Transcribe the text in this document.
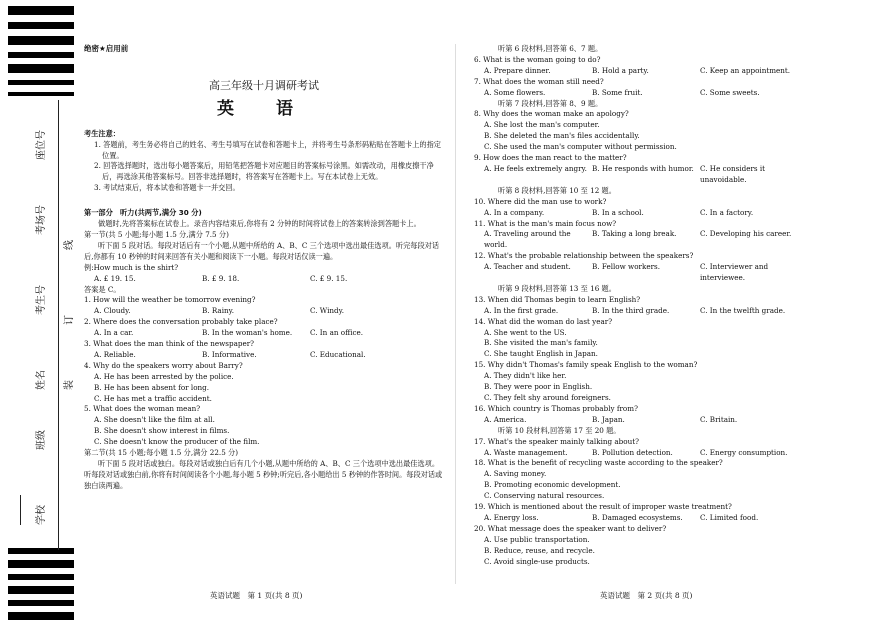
学校
班级
姓名
考生号
考场号
座位号
装
订
线
绝密★启用前
高三年级十月调研考试
英 语
考生注意：

1. 答题前，考生务必将自己的姓名、考生号填写在试卷和答题卡上，并将考生号条形码粘贴在答题卡上的指定位置。

2. 回答选择题时，选出每小题答案后，用铅笔把答题卡对应题目的答案标号涂黑。如需改动，用橡皮擦干净后，再选涂其他答案标号。回答非选择题时，将答案写在答题卡上。写在本试卷上无效。

3. 考试结束后，将本试卷和答题卡一并交回。

第一部分　听力(共两节,满分 30 分)

做题时,先将答案标在试卷上。录音内容结束后,你将有 2 分钟的时间将试卷上的答案转涂到答题卡上。

第一节(共 5 小题;每小题 1.5 分,满分 7.5 分)

听下面 5 段对话。每段对话后有一个小题,从题中所给的 A、B、C 三个选项中选出最佳选项。听完每段对话后,你都有 10 秒钟的时间来回答有关小题和阅读下一小题。每段对话仅读一遍。

例:How much is the shirt?

A. £ 19. 15.	B. £ 9. 18.	C. £ 9. 15.

答案是 C。

1. How will the weather be tomorrow evening?

A. Cloudy.	B. Rainy.	C. Windy.

2. Where does the conversation probably take place?

A. In a car.	B. In the woman's home.	C. In an office.

3. What does the man think of the newspaper?

A. Reliable.	B. Informative.	C. Educational.

4. Why do the speakers worry about Barry?

A. He has been arrested by the police.

B. He has been absent for long.

C. He has met a traffic accident.

5. What does the woman mean?

A. She doesn't like the film at all.

B. She doesn't show interest in films.

C. She doesn't know the producer of the film.

第二节(共 15 小题;每小题 1.5 分,满分 22.5 分)

听下面 5 段对话或独白。每段对话或独白后有几个小题,从题中所给的 A、B、C 三个选项中选出最佳选项。听每段对话或独白前,你将有时间阅读各个小题,每小题 5 秒钟;听完后,各小题给出 5 秒钟的作答时间。每段对话或独白读两遍。

英语试题　第 1 页(共 8 页)

听第 6 段材料,回答第 6、7 题。

6. What is the woman going to do?

A. Prepare dinner.	B. Hold a party.	C. Keep an appointment.

7. What does the woman still need?

A. Some flowers.	B. Some fruit.	C. Some sweets.

听第 7 段材料,回答第 8、9 题。

8. Why does the woman make an apology?

A. She lost the man's computer.

B. She deleted the man's files accidentally.

C. She used the man's computer without permission.

9. How does the man react to the matter?

A. He feels extremely angry. B. He responds with humor. C. He considers it unavoidable.

听第 8 段材料,回答第 10 至 12 题。

10. Where did the man use to work?

A. In a company.	B. In a school.	C. In a factory.

11. What is the man's main focus now?

A. Traveling around the world.
B. Taking a long break.	C. Developing his career.

12. What's the probable relationship between the speakers?

A. Teacher and student.	B. Fellow workers.	C. Interviewer and interviewee.

听第 9 段材料,回答第 13 至 16 题。

13. When did Thomas begin to learn English?

A. In the first grade.	B. In the third grade.	C. In the twelfth grade.

14. What did the woman do last year?

A. She went to the US.

B. She visited the man's family.

C. She taught English in Japan.

15. Why didn't Thomas's family speak English to the woman?

A. They didn't like her.

B. They were poor in English.

C. They felt shy around foreigners.

16. Which country is Thomas probably from?

A. America.	B. Japan.	C. Britain.

听第 10 段材料,回答第 17 至 20 题。

17. What's the speaker mainly talking about?

A. Waste management.	B. Pollution detection.	C. Energy consumption.

18. What is the benefit of recycling waste according to the speaker?

A. Saving money.

B. Promoting economic development.

C. Conserving natural resources.

19. Which is mentioned about the result of improper waste treatment?

A. Energy loss.	B. Damaged ecosystems.	C. Limited food.

20. What message does the speaker want to deliver?

A. Use public transportation.

B. Reduce, reuse, and recycle.

C. Avoid single-use products.

英语试题　第 2 页(共 8 页)
